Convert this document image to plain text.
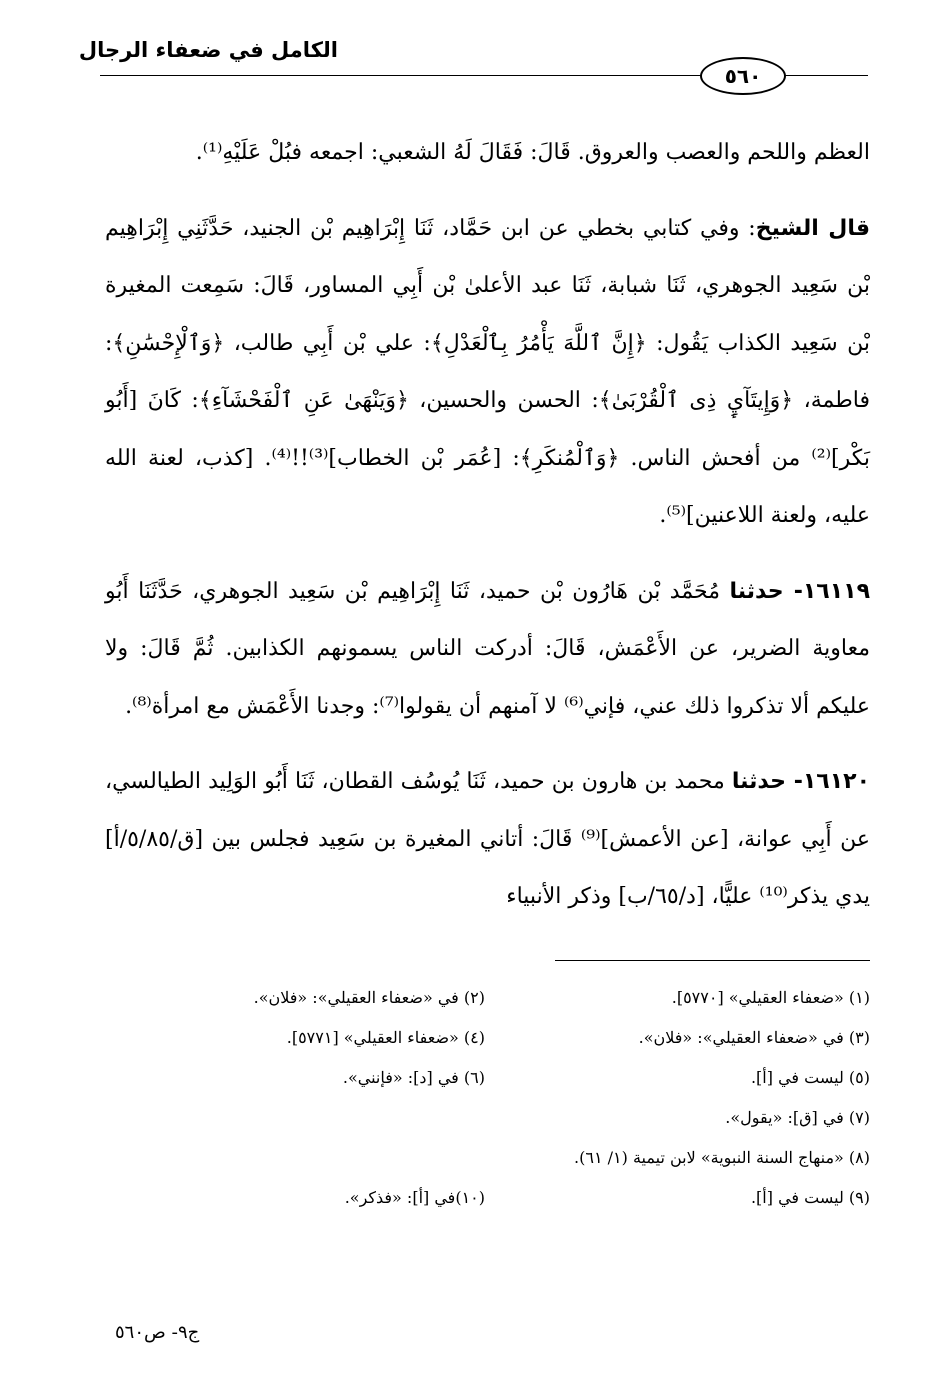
الكامل في ضعفاء الرجال
٥٦٠

العظم واللحم والعصب والعروق. قَالَ: فَقَالَ لَهُ الشعبي: اجمعه فبُلْ عَلَيْهِ⁽¹⁾.

قال الشيخ: وفي كتابي بخطي عن ابن حَمَّاد، ثَنَا إِبْرَاهِيم بْن الجنيد، حَدَّثَنِي إِبْرَاهِيم بْن سَعِيد الجوهري، ثَنَا شبابة، ثَنَا عبد الأعلىٰ بْن أَبِي المساور، قَالَ: سَمِعت المغيرة بْن سَعِيد الكذاب يَقُول: ﴿إِنَّ ٱللَّهَ يَأْمُرُ بِٱلْعَدْلِ﴾: علي بْن أَبِي طالب، ﴿وَٱلْإِحْسَٰنِ﴾: فاطمة، ﴿وَإِيتَآيِٕ ذِى ٱلْقُرْبَىٰ﴾: الحسن والحسين، ﴿وَيَنْهَىٰ عَنِ ٱلْفَحْشَآءِ﴾: كَانَ [أَبُو بَكْر]⁽²⁾ من أفحش الناس. ﴿وَٱلْمُنكَرِ﴾: [عُمَر بْن الخطاب]⁽³⁾!!⁽⁴⁾. [كذب، لعنة الله عليه، ولعنة اللاعنين]⁽⁵⁾.

١٦١١٩- حدثنا مُحَمَّد بْن هَارُون بْن حميد، ثَنَا إِبْرَاهِيم بْن سَعِيد الجوهري، حَدَّثَنَا أَبُو معاوية الضرير، عن الأَعْمَش، قَالَ: أدركت الناس يسمونهم الكذابين. ثُمَّ قَالَ: ولا عليكم ألا تذكروا ذلك عني، فإني⁽⁶⁾ لا آمنهم أن يقولوا⁽⁷⁾: وجدنا الأَعْمَش مع امرأة⁽⁸⁾.

١٦١٢٠- حدثنا محمد بن هارون بن حميد، ثَنَا يُوسُف القطان، ثَنَا أَبُو الوَلِيد الطيالسي، عن أَبِي عوانة، [عن الأعمش]⁽⁹⁾ قَالَ: أتاني المغيرة بن سَعِيد فجلس بين [ق/٥/٨٥/أ] يدي يذكر⁽¹⁰⁾ عليًّا، [د/٦٥/ب] وذكر الأنبياء

(١) «ضعفاء العقيلي» [٥٧٧٠].
(٢) في «ضعفاء العقيلي»: «فلان».
(٣) في «ضعفاء العقيلي»: «فلان».
(٤) «ضعفاء العقيلي» [٥٧٧١].
(٥) ليست في [أ].
(٦) في [د]: «فإنني».
(٧) في [ق]: «يقول».
(٨) «منهاج السنة النبوية» لابن تيمية (١/ ٦١).
(٩) ليست في [أ].
(١٠)في [أ]: «فذكر».
ج٩- ص٥٦٠
